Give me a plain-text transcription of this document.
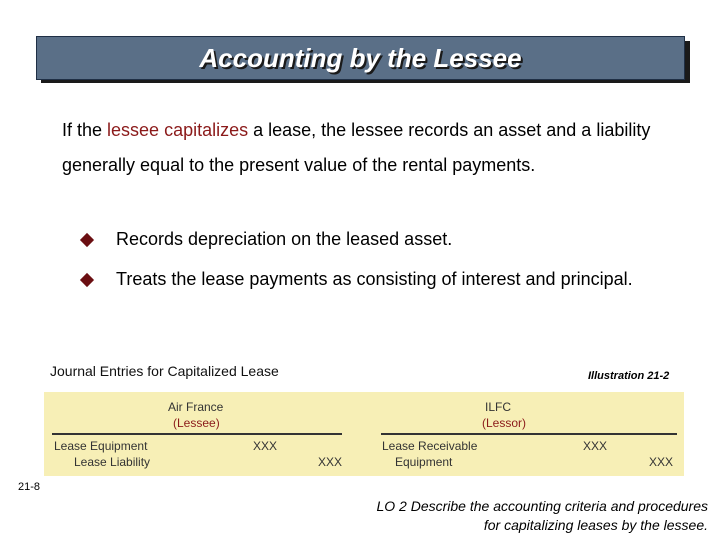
Accounting by the Lessee
If the lessee capitalizes a lease, the lessee records an asset and a liability generally equal to the present value of the rental payments.
Records depreciation on the leased asset.
Treats the lease payments as consisting of interest and principal.
Journal Entries for Capitalized Lease	Illustration 21-2
Air France
(Lessee)
Lease Equipment	XXX
Lease Liability	XXX
ILFC
(Lessor)
Lease Receivable	XXX
Equipment	XXX
21-8
LO 2 Describe the accounting criteria and procedures
for capitalizing leases by the lessee.
